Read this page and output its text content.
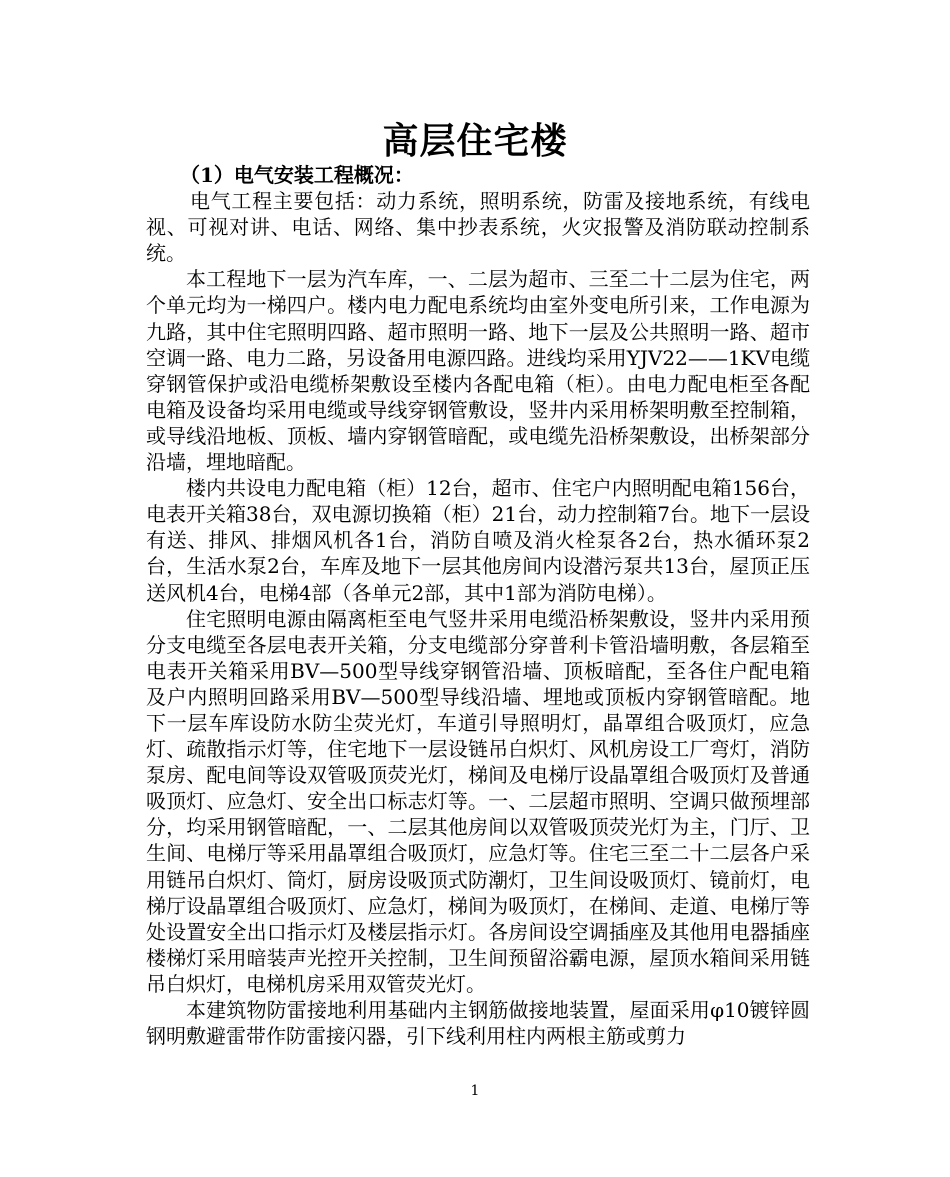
高层住宅楼

（1）电气安装工程概况：

电气工程主要包括：动力系统，照明系统，防雷及接地系统，有线电视、可视对讲、电话、网络、集中抄表系统，火灾报警及消防联动控制系统。

本工程地下一层为汽车库，一、二层为超市、三至二十二层为住宅，两个单元均为一梯四户。楼内电力配电系统均由室外变电所引来，工作电源为九路，其中住宅照明四路、超市照明一路、地下一层及公共照明一路、超市空调一路、电力二路，另设备用电源四路。进线均采用YJV22——1KV电缆穿钢管保护或沿电缆桥架敷设至楼内各配电箱（柜）。由电力配电柜至各配电箱及设备均采用电缆或导线穿钢管敷设，竖井内采用桥架明敷至控制箱，或导线沿地板、顶板、墙内穿钢管暗配，或电缆先沿桥架敷设，出桥架部分沿墙，埋地暗配。

楼内共设电力配电箱（柜）12台，超市、住宅户内照明配电箱156台，电表开关箱38台，双电源切换箱（柜）21台，动力控制箱7台。地下一层设有送、排风、排烟风机各1台，消防自喷及消火栓泵各2台，热水循环泵2台，生活水泵2台，车库及地下一层其他房间内设潜污泵共13台，屋顶正压送风机4台，电梯4部（各单元2部，其中1部为消防电梯）。

住宅照明电源由隔离柜至电气竖井采用电缆沿桥架敷设，竖井内采用预分支电缆至各层电表开关箱，分支电缆部分穿普利卡管沿墙明敷，各层箱至电表开关箱采用BV—500型导线穿钢管沿墙、顶板暗配，至各住户配电箱及户内照明回路采用BV—500型导线沿墙、埋地或顶板内穿钢管暗配。地下一层车库设防水防尘荧光灯，车道引导照明灯，晶罩组合吸顶灯，应急灯、疏散指示灯等，住宅地下一层设链吊白炽灯、风机房设工厂弯灯，消防泵房、配电间等设双管吸顶荧光灯，梯间及电梯厅设晶罩组合吸顶灯及普通吸顶灯、应急灯、安全出口标志灯等。一、二层超市照明、空调只做预埋部分，均采用钢管暗配，一、二层其他房间以双管吸顶荧光灯为主，门厅、卫生间、电梯厅等采用晶罩组合吸顶灯，应急灯等。住宅三至二十二层各户采用链吊白炽灯、筒灯，厨房设吸顶式防潮灯，卫生间设吸顶灯、镜前灯，电梯厅设晶罩组合吸顶灯、应急灯，梯间为吸顶灯，在梯间、走道、电梯厅等处设置安全出口指示灯及楼层指示灯。各房间设空调插座及其他用电器插座楼梯灯采用暗装声光控开关控制，卫生间预留浴霸电源，屋顶水箱间采用链吊白炽灯，电梯机房采用双管荧光灯。

本建筑物防雷接地利用基础内主钢筋做接地装置，屋面采用φ10镀锌圆钢明敷避雷带作防雷接闪器，引下线利用柱内两根主筋或剪力

1
